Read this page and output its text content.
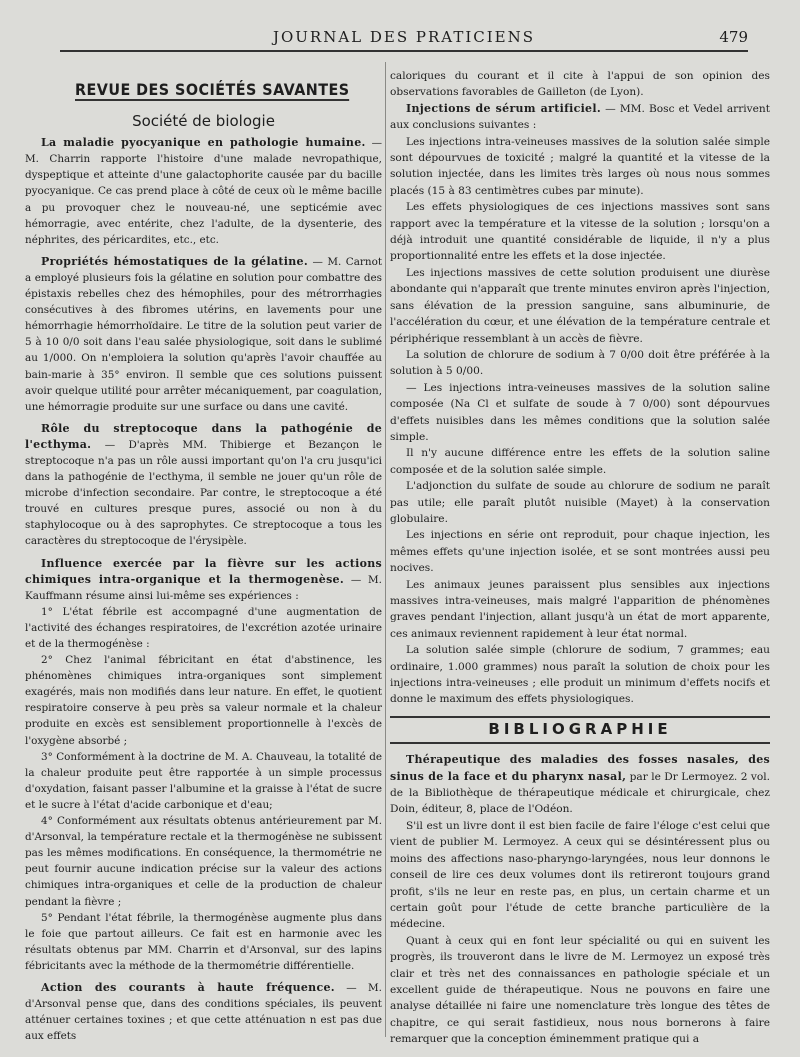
JOURNAL DES PRATICIENS	479
REVUE DES SOCIÉTÉS SAVANTES
Société de biologie

La maladie pyocyanique en pathologie humaine. — M. Charrin rapporte l'histoire d'une malade nevropathique, dyspeptique et atteinte d'une galactophorite causée par du bacille pyocyanique. Ce cas prend place à côté de ceux où le même bacille a pu provoquer chez le nouveau-né, une septicémie avec hémorragie, avec entérite, chez l'adulte, de la dysenterie, des néphrites, des péricardites, etc., etc.

Propriétés hémostatiques de la gélatine. — M. Carnot a employé plusieurs fois la gélatine en solution pour combattre des épistaxis rebelles chez des hémophiles, pour des métrorrhagies consécutives à des fibromes utérins, en lavements pour une hémorrhagie hémorrhoïdaire. Le titre de la solution peut varier de 5 à 10 0/0 soit dans l'eau salée physiologique, soit dans le sublimé au 1/000. On n'emploiera la solution qu'après l'avoir chauffée au bain-marie à 35° environ. Il semble que ces solutions puissent avoir quelque utilité pour arrêter mécaniquement, par coagulation, une hémorragie produite sur une surface ou dans une cavité.

Rôle du streptocoque dans la pathogénie de l'ecthyma. — D'après MM. Thibierge et Bezançon le streptocoque n'a pas un rôle aussi important qu'on l'a cru jusqu'ici dans la pathogénie de l'ecthyma, il semble ne jouer qu'un rôle de microbe d'infection secondaire. Par contre, le streptocoque a été trouvé en cultures presque pures, associé ou non à du staphylocoque ou à des saprophytes. Ce streptocoque a tous les caractères du streptocoque de l'érysipèle.

Influence exercée par la fièvre sur les actions chimiques intra-organique et la thermogenèse. — M. Kauffmann résume ainsi lui-même ses expériences :

1° L'état fébrile est accompagné d'une augmentation de l'activité des échanges respiratoires, de l'excrétion azotée urinaire et de la thermogénèse :

2° Chez l'animal fébricitant en état d'abstinence, les phénomènes chimiques intra-organiques sont simplement exagérés, mais non modifiés dans leur nature. En effet, le quotient respiratoire conserve à peu près sa valeur normale et la chaleur produite en excès est sensiblement proportionnelle à l'excès de l'oxygène absorbé ;

3° Conformément à la doctrine de M. A. Chauveau, la totalité de la chaleur produite peut être rapportée à un simple processus d'oxydation, faisant passer l'albumine et la graisse à l'état de sucre et le sucre à l'état d'acide carbonique et d'eau;

4° Conformément aux résultats obtenus antérieurement par M. d'Arsonval, la température rectale et la thermogénèse ne subissent pas les mêmes modifications. En conséquence, la thermométrie ne peut fournir aucune indication précise sur la valeur des actions chimiques intra-organiques et celle de la production de chaleur pendant la fièvre ;

5° Pendant l'état fébrile, la thermogénèse augmente plus dans le foie que partout ailleurs. Ce fait est en harmonie avec les résultats obtenus par MM. Charrin et d'Arsonval, sur des lapins fébricitants avec la méthode de la thermométrie différentielle.

Action des courants à haute fréquence. — M. d'Arsonval pense que, dans des conditions spéciales, ils peuvent atténuer certaines toxines ; et que cette atténuation n est pas due aux effets

caloriques du courant et il cite à l'appui de son opinion des observations favorables de Gailleton (de Lyon).

Injections de sérum artificiel. — MM. Bosc et Vedel arrivent aux conclusions suivantes :

Les injections intra-veineuses massives de la solution salée simple sont dépourvues de toxicité ; malgré la quantité et la vitesse de la solution injectée, dans les limites très larges où nous nous sommes placés (15 à 83 centimètres cubes par minute).

Les effets physiologiques de ces injections massives sont sans rapport avec la température et la vitesse de la solution ; lorsqu'on a déjà introduit une quantité considérable de liquide, il n'y a plus proportionnalité entre les effets et la dose injectée.

Les injections massives de cette solution produisent une diurèse abondante qui n'apparaît que trente minutes environ après l'injection, sans élévation de la pression sanguine, sans albuminurie, de l'accélération du cœur, et une élévation de la température centrale et périphérique ressemblant à un accès de fièvre.

La solution de chlorure de sodium à 7 0/00 doit être préférée à la solution à 5 0/00.

— Les injections intra-veineuses massives de la solution saline composée (Na Cl et sulfate de soude à 7 0/00) sont dépourvues d'effets nuisibles dans les mêmes conditions que la solution salée simple.

Il n'y aucune différence entre les effets de la solution saline composée et de la solution salée simple.

L'adjonction du sulfate de soude au chlorure de sodium ne paraît pas utile; elle paraît plutôt nuisible (Mayet) à la conservation globulaire.

Les injections en série ont reproduit, pour chaque injection, les mêmes effets qu'une injection isolée, et se sont montrées aussi peu nocives.

Les animaux jeunes paraissent plus sensibles aux injections massives intra-veineuses, mais malgré l'apparition de phénomènes graves pendant l'injection, allant jusqu'à un état de mort apparente, ces animaux reviennent rapidement à leur état normal.

La solution salée simple (chlorure de sodium, 7 grammes; eau ordinaire, 1.000 grammes) nous paraît la solution de choix pour les injections intra-veineuses ; elle produit un minimum d'effets nocifs et donne le maximum des effets physiologiques.

BIBLIOGRAPHIE

Thérapeutique des maladies des fosses nasales, des sinus de la face et du pharynx nasal, par le Dr Lermoyez. 2 vol. de la Bibliothèque de thérapeutique médicale et chirurgicale, chez Doin, éditeur, 8, place de l'Odéon.

S'il est un livre dont il est bien facile de faire l'éloge c'est celui que vient de publier M. Lermoyez. A ceux qui se désintéressent plus ou moins des affections naso-pharyngo-laryngées, nous leur donnons le conseil de lire ces deux volumes dont ils retireront toujours grand profit, s'ils ne leur en reste pas, en plus, un certain charme et un certain goût pour l'étude de cette branche particulière de la médecine.

Quant à ceux qui en font leur spécialité ou qui en suivent les progrès, ils trouveront dans le livre de M. Lermoyez un exposé très clair et très net des connaissances en pathologie spéciale et un excellent guide de thérapeutique. Nous ne pouvons en faire une analyse détaillée ni faire une nomenclature très longue des têtes de chapitre, ce qui serait fastidieux, nous nous bornerons à faire remarquer que la conception éminemment pratique qui a
